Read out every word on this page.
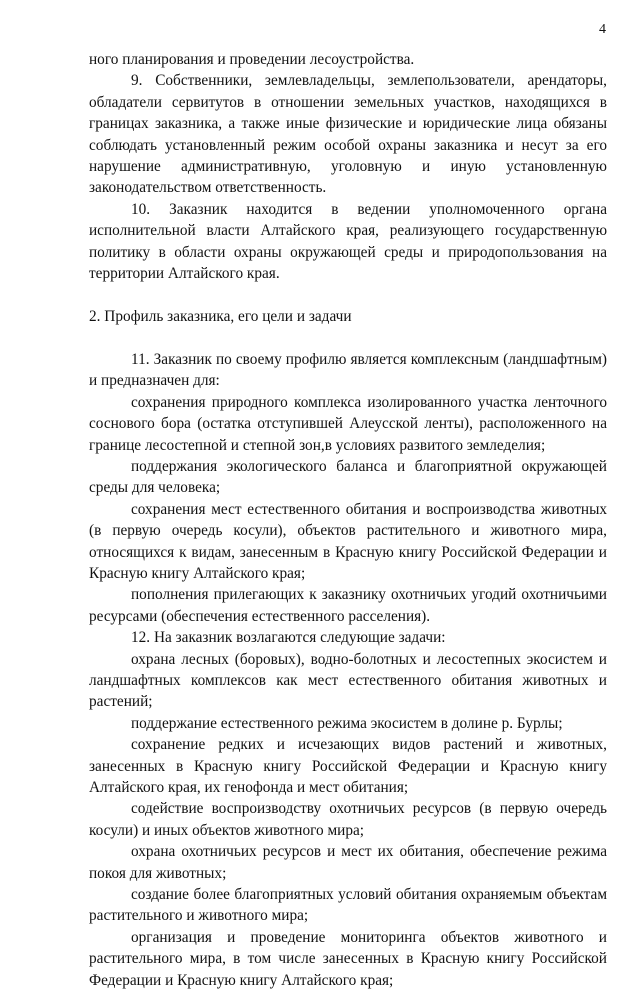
4

ного планирования и проведении лесоустройства.

9. Собственники, землевладельцы, землепользователи, арендаторы, обладатели сервитутов в отношении земельных участков, находящихся в границах заказника, а также иные физические и юридические лица обязаны соблюдать установленный режим особой охраны заказника и несут за его нарушение административную, уголовную и иную установленную законодательством ответственность.

10. Заказник находится в ведении уполномоченного органа исполнительной власти Алтайского края, реализующего государственную политику в области охраны окружающей среды и природопользования на территории Алтайского края.

2. Профиль заказника, его цели и задачи

11. Заказник по своему профилю является комплексным (ландшафтным) и предназначен для:

сохранения природного комплекса изолированного участка ленточного соснового бора (остатка отступившей Алеусской ленты), расположенного на границе лесостепной и степной зон,в условиях развитого земледелия;

поддержания экологического баланса и благоприятной окружающей среды для человека;

сохранения мест естественного обитания и воспроизводства животных (в первую очередь косули), объектов растительного и животного мира, относящихся к видам, занесенным в Красную книгу Российской Федерации и Красную книгу Алтайского края;

пополнения прилегающих к заказнику охотничьих угодий охотничьими ресурсами (обеспечения естественного расселения).

12. На заказник возлагаются следующие задачи:

охрана лесных (боровых), водно-болотных и лесостепных экосистем и ландшафтных комплексов как мест естественного обитания животных и растений;

поддержание естественного режима экосистем в долине р. Бурлы;

сохранение редких и исчезающих видов растений и животных, занесенных в Красную книгу Российской Федерации и Красную книгу Алтайского края, их генофонда и мест обитания;

содействие воспроизводству охотничьих ресурсов (в первую очередь косули) и иных объектов животного мира;

охрана охотничьих ресурсов и мест их обитания, обеспечение режима покоя для животных;

создание более благоприятных условий обитания охраняемым объектам растительного и животного мира;

организация и проведение мониторинга объектов животного и растительного мира, в том числе занесенных в Красную книгу Российской Федерации и Красную книгу Алтайского края;
